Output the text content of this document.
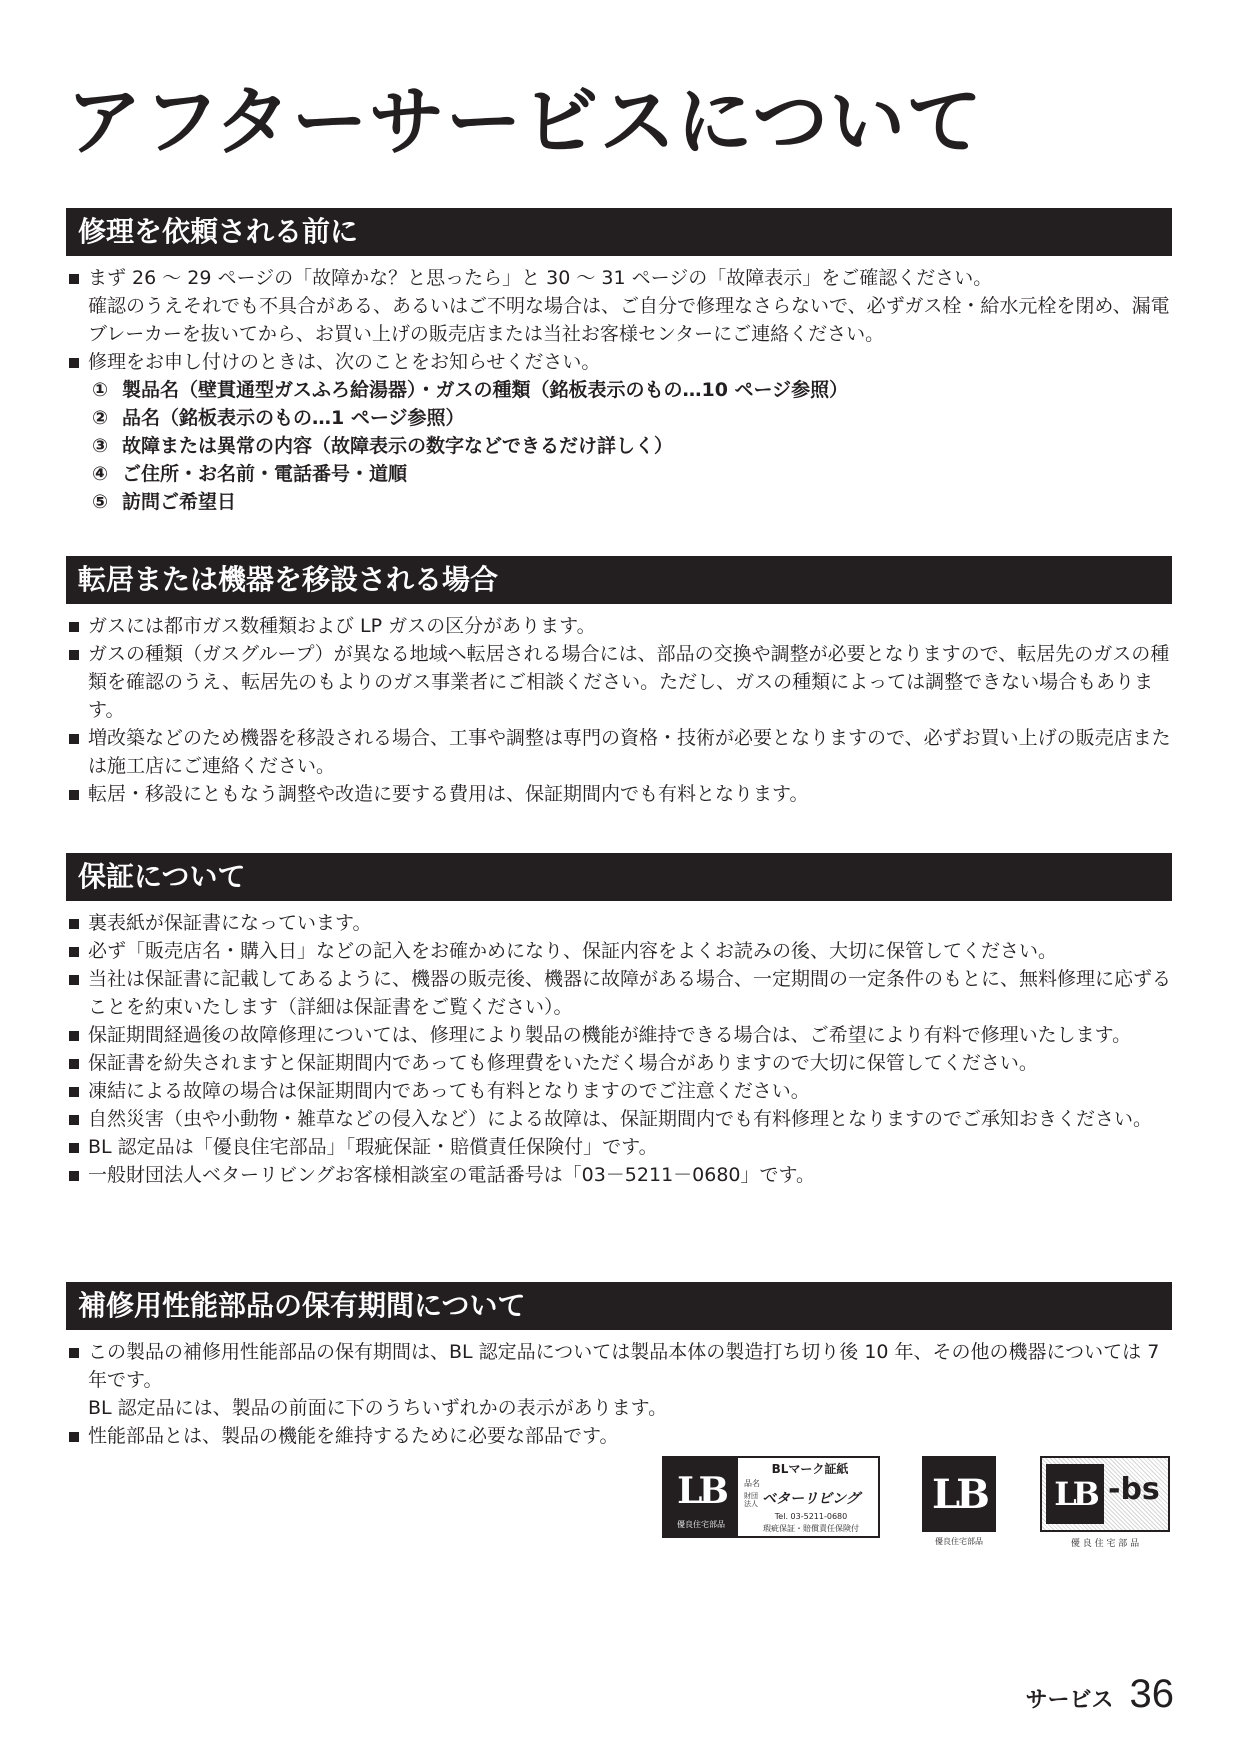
アフターサービスについて
修理を依頼される前に
まず 26 ～ 29 ページの「故障かな？と思ったら」と 30 ～ 31 ページの「故障表示」をご確認ください。
確認のうえそれでも不具合がある、あるいはご不明な場合は、ご自分で修理なさらないで、必ずガス栓・給水元栓を閉め、漏電ブレーカーを抜いてから、お買い上げの販売店または当社お客様センターにご連絡ください。
修理をお申し付けのときは、次のことをお知らせください。
① 製品名（壁貫通型ガスふろ給湯器）・ガスの種類（銘板表示のもの…10 ページ参照）
② 品名（銘板表示のもの…1 ページ参照）
③ 故障または異常の内容（故障表示の数字などできるだけ詳しく）
④ ご住所・お名前・電話番号・道順
⑤ 訪問ご希望日
転居または機器を移設される場合
ガスには都市ガス数種類および LP ガスの区分があります。
ガスの種類（ガスグループ）が異なる地域へ転居される場合には、部品の交換や調整が必要となりますので、転居先のガスの種類を確認のうえ、転居先のもよりのガス事業者にご相談ください。ただし、ガスの種類によっては調整できない場合もあります。
増改築などのため機器を移設される場合、工事や調整は専門の資格・技術が必要となりますので、必ずお買い上げの販売店または施工店にご連絡ください。
転居・移設にともなう調整や改造に要する費用は、保証期間内でも有料となります。
保証について
裏表紙が保証書になっています。
必ず「販売店名・購入日」などの記入をお確かめになり、保証内容をよくお読みの後、大切に保管してください。
当社は保証書に記載してあるように、機器の販売後、機器に故障がある場合、一定期間の一定条件のもとに、無料修理に応ずることを約束いたします（詳細は保証書をご覧ください）。
保証期間経過後の故障修理については、修理により製品の機能が維持できる場合は、ご希望により有料で修理いたします。
保証書を紛失されますと保証期間内であっても修理費をいただく場合がありますので大切に保管してください。
凍結による故障の場合は保証期間内であっても有料となりますのでご注意ください。
自然災害（虫や小動物・雑草などの侵入など）による故障は、保証期間内でも有料修理となりますのでご承知おきください。
BL 認定品は「優良住宅部品」「瑕疵保証・賠償責任保険付」です。
一般財団法人ベターリビングお客様相談室の電話番号は「03－5211－0680」です。
補修用性能部品の保有期間について
この製品の補修用性能部品の保有期間は、BL 認定品については製品本体の製造打ち切り後 10 年、その他の機器については 7 年です。
BL 認定品には、製品の前面に下のうちいずれかの表示があります。
性能部品とは、製品の機能を維持するために必要な部品です。
LB
優良住宅部品
BLマーク証紙
品名
財団法人 ベターリビング
Tel. 03-5211-0680
瑕疵保証・賠償責任保険付
LB
優良住宅部品
LB -bs
優 良 住 宅 部 品
サービス 36
